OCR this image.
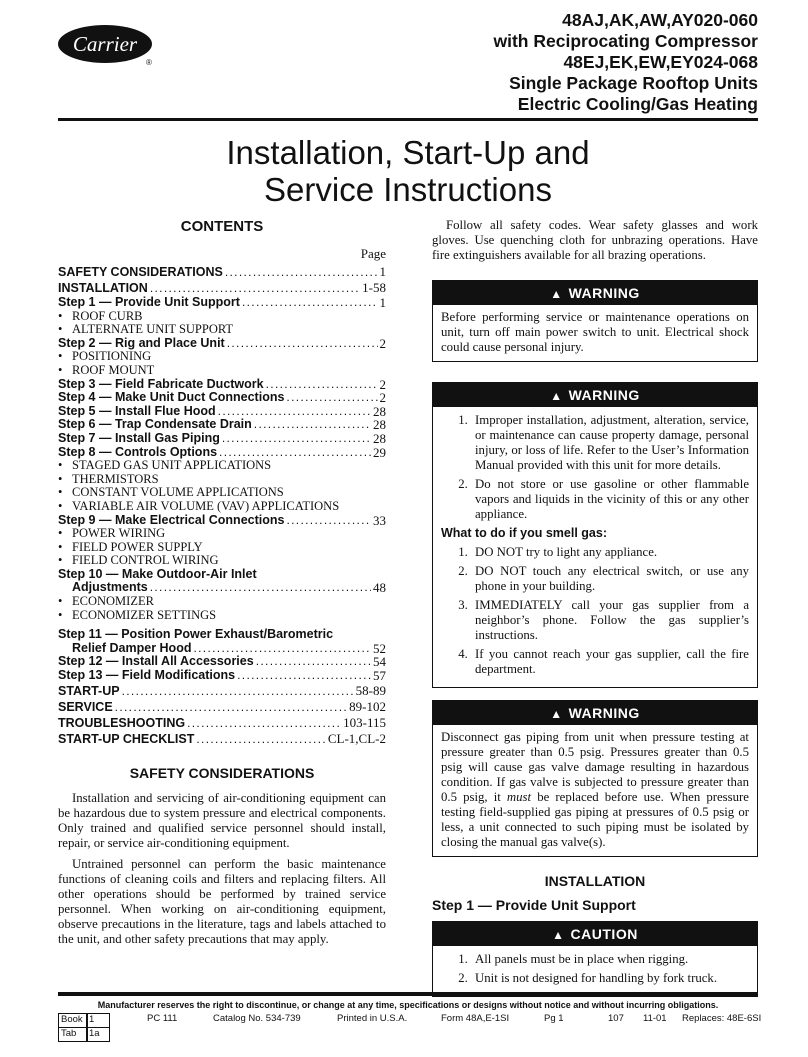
Carrier
®
48AJ,AK,AW,AY020-060
with Reciprocating Compressor
48EJ,EK,EW,EY024-068
Single Package Rooftop Units
Electric Cooling/Gas Heating
Installation, Start-Up and
Service Instructions
CONTENTS
Page
SAFETY CONSIDERATIONS . . .	1
INSTALLATION . . .	1-58
Step 1 — Provide Unit Support . . .	1
• ROOF CURB
• ALTERNATE UNIT SUPPORT
Step 2 — Rig and Place Unit . . .	2
• POSITIONING
• ROOF MOUNT
Step 3 — Field Fabricate Ductwork . . .	2
Step 4 — Make Unit Duct Connections . . .	2
Step 5 — Install Flue Hood . . .	28
Step 6 — Trap Condensate Drain . . .	28
Step 7 — Install Gas Piping . . .	28
Step 8 — Controls Options . . .	29
• STAGED GAS UNIT APPLICATIONS
• THERMISTORS
• CONSTANT VOLUME APPLICATIONS
• VARIABLE AIR VOLUME (VAV) APPLICATIONS
Step 9 — Make Electrical Connections . . .	33
• POWER WIRING
• FIELD POWER SUPPLY
• FIELD CONTROL WIRING
Step 10 — Make Outdoor-Air Inlet
Adjustments . . .	48
• ECONOMIZER
• ECONOMIZER SETTINGS
Step 11 — Position Power Exhaust/Barometric
Relief Damper Hood . . .	52
Step 12 — Install All Accessories . . .	54
Step 13 — Field Modifications . . .	57
START-UP . . .	58-89
SERVICE . . .	89-102
TROUBLESHOOTING . . .	103-115
START-UP CHECKLIST . . .	CL-1,CL-2
SAFETY CONSIDERATIONS

Installation and servicing of air-conditioning equipment can be hazardous due to system pressure and electrical components. Only trained and qualified service personnel should install, repair, or service air-conditioning equipment.

Untrained personnel can perform the basic maintenance functions of cleaning coils and filters and replacing filters. All other operations should be performed by trained service personnel. When working on air-conditioning equipment, observe precautions in the literature, tags and labels attached to the unit, and other safety precautions that may apply.

Follow all safety codes. Wear safety glasses and work gloves. Use quenching cloth for unbrazing operations. Have fire extinguishers available for all brazing operations.

▲ WARNING
Before performing service or maintenance operations on unit, turn off main power switch to unit. Electrical shock could cause personal injury.
▲ WARNING
1. Improper installation, adjustment, alteration, service, or maintenance can cause property damage, personal injury, or loss of life. Refer to the User’s Information Manual provided with this unit for more details.
2. Do not store or use gasoline or other flammable vapors and liquids in the vicinity of this or any other appliance.
What to do if you smell gas:
1. DO NOT try to light any appliance.
2. DO NOT touch any electrical switch, or use any phone in your building.
3. IMMEDIATELY call your gas supplier from a neighbor’s phone. Follow the gas supplier’s instructions.
4. If you cannot reach your gas supplier, call the fire department.
▲ WARNING
Disconnect gas piping from unit when pressure testing at pressure greater than 0.5 psig. Pressures greater than 0.5 psig will cause gas valve damage resulting in hazardous condition. If gas valve is subjected to pressure greater than 0.5 psig, it must be replaced before use. When pressure testing field-supplied gas piping at pressures of 0.5 psig or less, a unit connected to such piping must be isolated by closing the manual gas valve(s).
INSTALLATION
Step 1 — Provide Unit Support
▲ CAUTION
1. All panels must be in place when rigging.
2. Unit is not designed for handling by fork truck.
Manufacturer reserves the right to discontinue, or change at any time, specifications or designs without notice and without incurring obligations.
Book 1
Tab	1a
PC 111	Catalog No. 534-739	Printed in U.S.A.	Form 48A,E-1SI	Pg 1	107 11-01 Replaces: 48E-6SI
